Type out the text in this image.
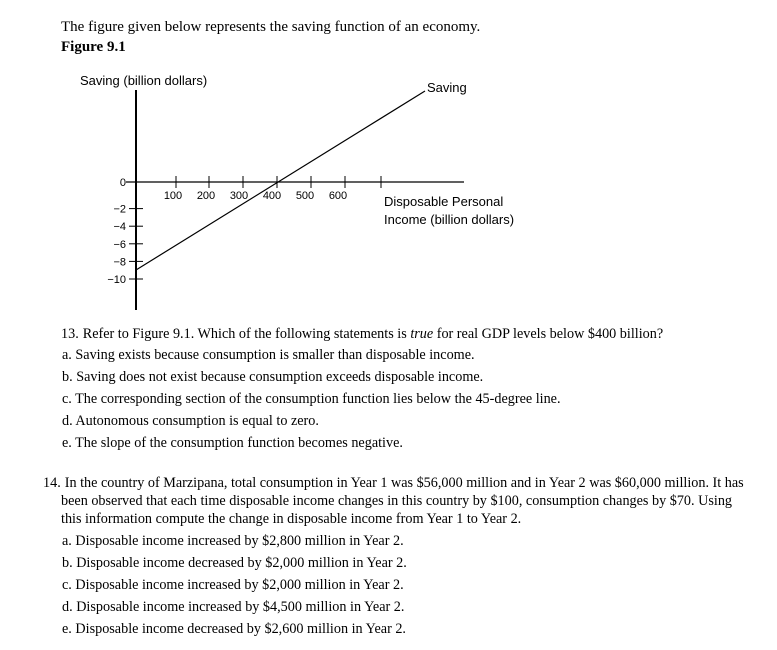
The figure given below represents the saving function of an economy.
Figure 9.1
Saving (billion dollars)
100 200 300 400 500 600
0
−2
−4
−6
−8
−10
Saving
Disposable Personal
Income (billion dollars)
13. Refer to Figure 9.1. Which of the following statements is true for real GDP levels below $400 billion?
a. Saving exists because consumption is smaller than disposable income.
b. Saving does not exist because consumption exceeds disposable income.
c. The corresponding section of the consumption function lies below the 45-degree line.
d. Autonomous consumption is equal to zero.
e. The slope of the consumption function becomes negative.
14. In the country of Marzipana, total consumption in Year 1 was $56,000 million and in Year 2 was $60,000 million. It has been observed that each time disposable income changes in this country by $100, consumption changes by $70. Using this information compute the change in disposable income from Year 1 to Year 2.
a. Disposable income increased by $2,800 million in Year 2.
b. Disposable income decreased by $2,000 million in Year 2.
c. Disposable income increased by $2,000 million in Year 2.
d. Disposable income increased by $4,500 million in Year 2.
e. Disposable income decreased by $2,600 million in Year 2.
